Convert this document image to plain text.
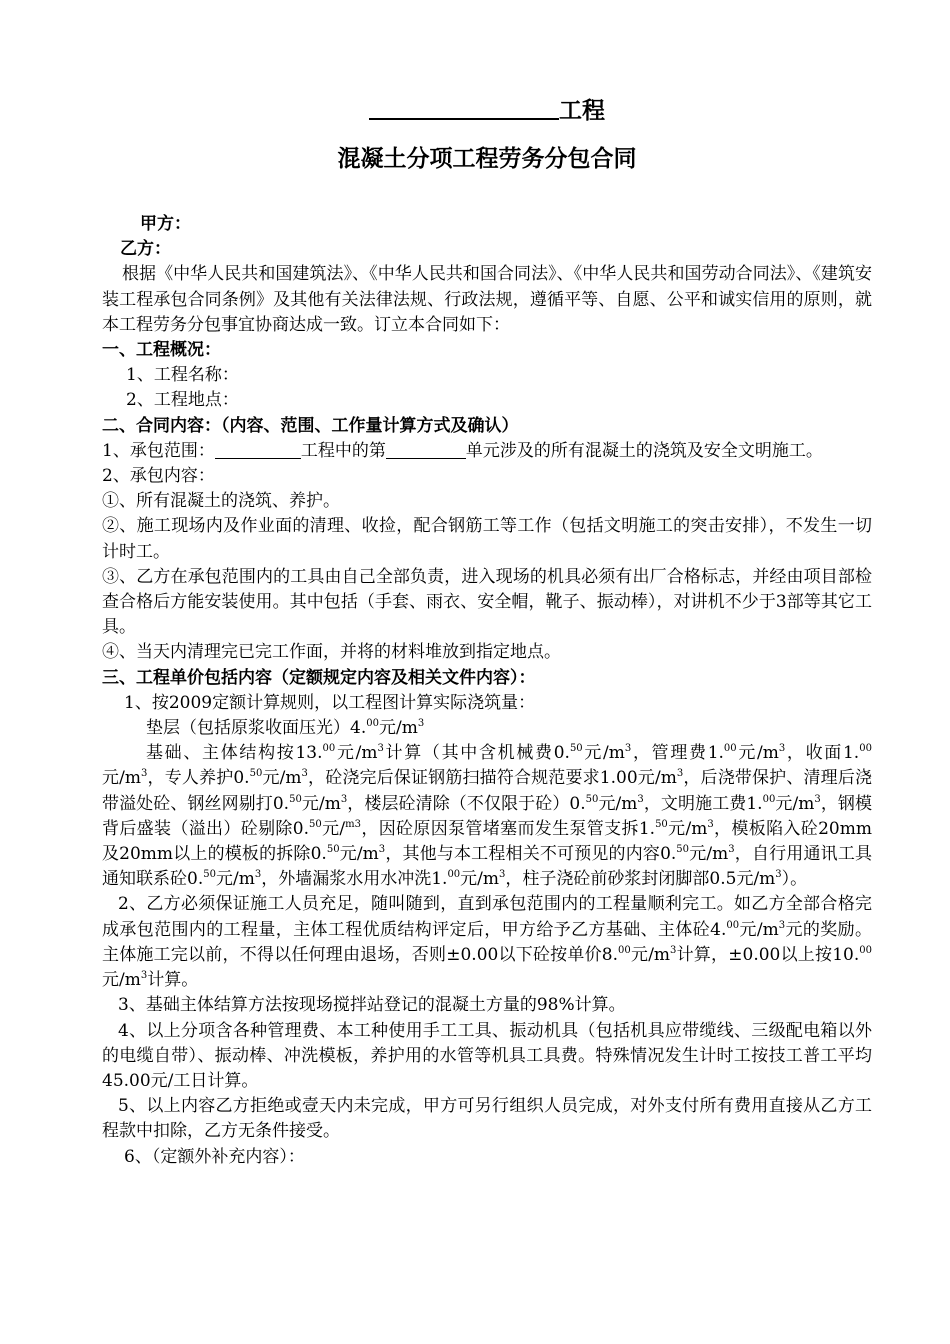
工程
混凝土分项工程劳务分包合同

甲方：

乙方：

根据《中华人民共和国建筑法》、《中华人民共和国合同法》、《中华人民共和国劳动合同法》、《建筑安装工程承包合同条例》及其他有关法律法规、行政法规，遵循平等、自愿、公平和诚实信用的原则，就本工程劳务分包事宜协商达成一致。订立本合同如下：

一、工程概况：

1、工程名称：

2、工程地点：

二、合同内容：（内容、范围、工作量计算方式及确认）

1、承包范围：	工程中的第	单元涉及的所有混凝土的浇筑及安全文明施工。

2、承包内容：

①、所有混凝土的浇筑、养护。

②、施工现场内及作业面的清理、收捡，配合钢筋工等工作（包括文明施工的突击安排），不发生一切计时工。

③、乙方在承包范围内的工具由自己全部负责，进入现场的机具必须有出厂合格标志，并经由项目部检查合格后方能安装使用。其中包括（手套、雨衣、安全帽，靴子、振动棒），对讲机不少于3部等其它工具。

④、当天内清理完已完工作面，并将的材料堆放到指定地点。

三、工程单价包括内容（定额规定内容及相关文件内容）：

1、按2009定额计算规则，以工程图计算实际浇筑量：

垫层（包括原浆收面压光）4.00元$/m^3$

基础、主体结构按13.00元$/m^3$计算（其中含机械费0.50元$/m^3$，管理费1.00元$/m^3$，收面1.00元$/m^3$，专人养护0.50元$/m^3$，砼浇完后保证钢筋扫描符合规范要求1.00元$/m^3$，后浇带保护、清理后浇带溢处砼、钢丝网剔打0.50元$/m^3$，楼层砼清除（不仅限于砼）0.50元$/m^3$，文明施工费1.00元$/m^3$，钢模背后盛装（溢出）砼剔除0.50元/$^{m3}$，因砼原因泵管堵塞而发生泵管支拆1.50元$/m^3$，模板陷入砼20mm及20mm以上的模板的拆除0.50元$/m^3$，其他与本工程相关不可预见的内容0.50元$/m^3$，自行用通讯工具通知联系砼0.50元$/m^3$，外墙漏浆水用水冲洗1.00元$/m^3$，柱子浇砼前砂浆封闭脚部0.5元$/m^3$）。

2、乙方必须保证施工人员充足，随叫随到，直到承包范围内的工程量顺利完工。如乙方全部合格完成承包范围内的工程量，主体工程优质结构评定后，甲方给予乙方基础、主体砼4.00元$/m^3$元的奖励。主体施工完以前，不得以任何理由退场，否则±0.00以下砼按单价8.00元$/m^3$计算，±0.00以上按10.00元$/m^3$计算。

3、基础主体结算方法按现场搅拌站登记的混凝土方量的98%计算。

4、以上分项含各种管理费、本工种使用手工工具、振动机具（包括机具应带缆线、三级配电箱以外的电缆自带）、振动棒、冲洗模板，养护用的水管等机具工具费。特殊情况发生计时工按技工普工平均45.00元/工日计算。

5、以上内容乙方拒绝或壹天内未完成，甲方可另行组织人员完成，对外支付所有费用直接从乙方工程款中扣除，乙方无条件接受。

6、（定额外补充内容）：
